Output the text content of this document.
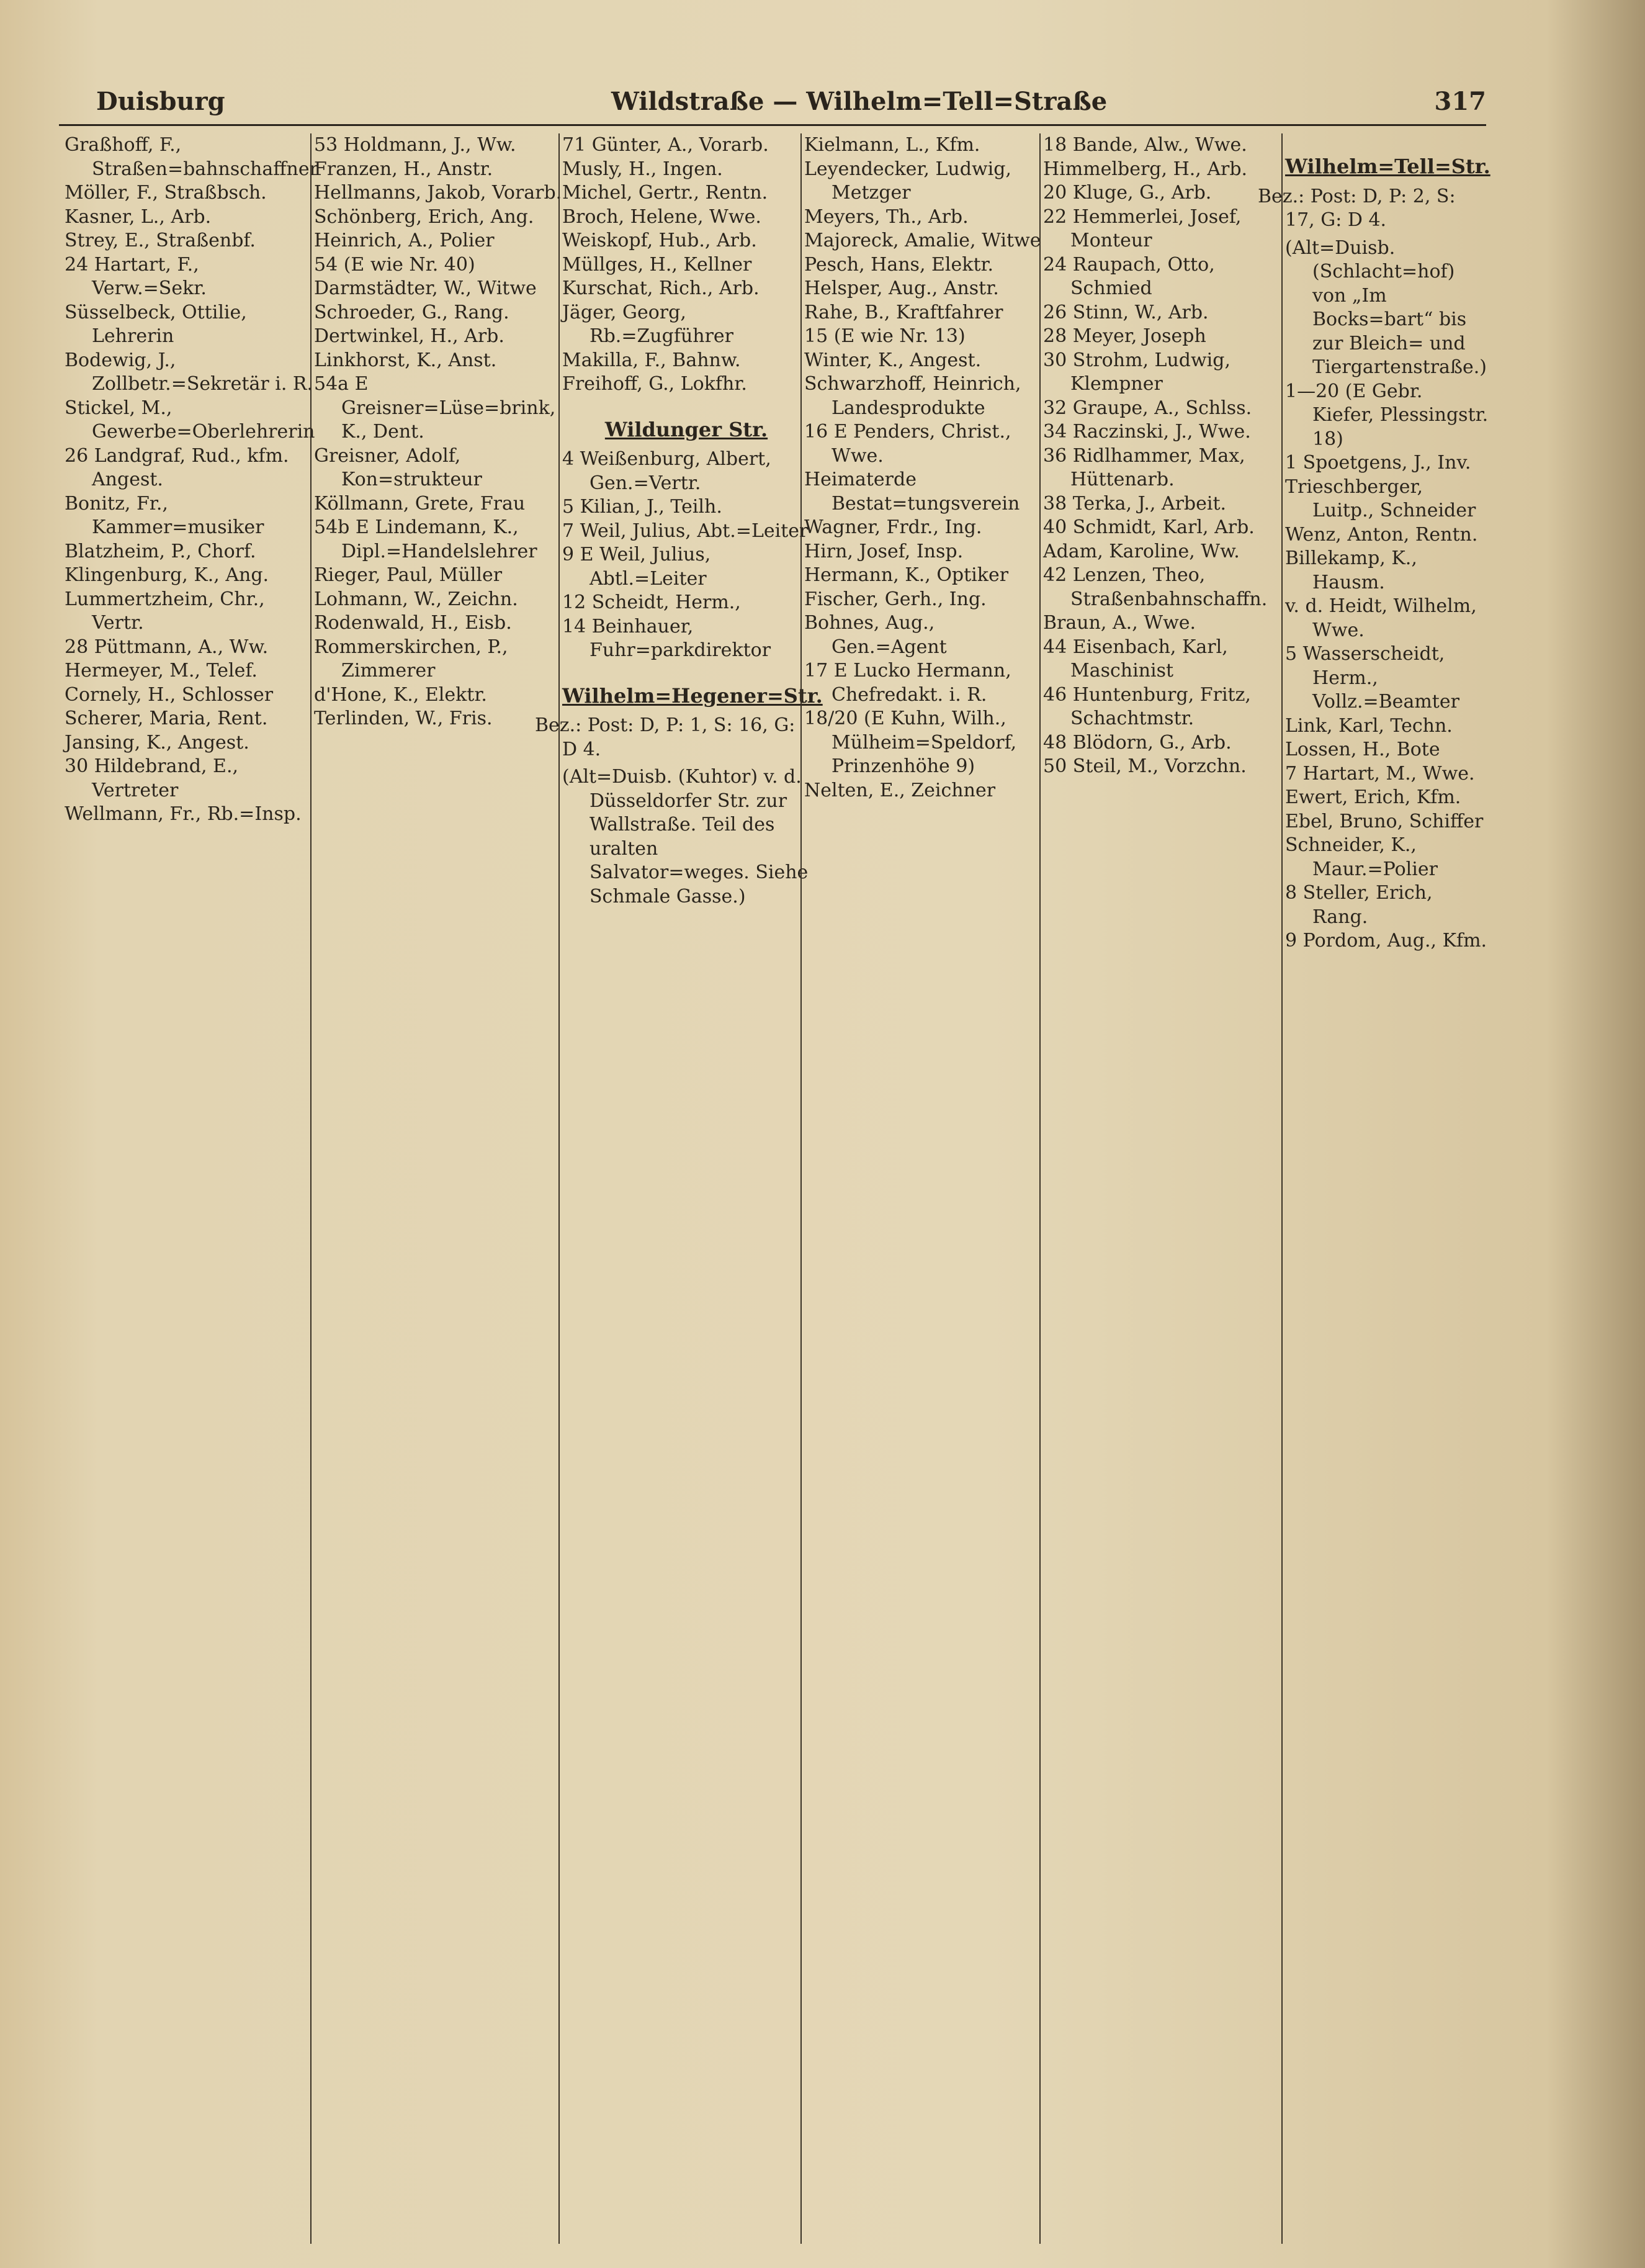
Duisburg	Wildstraße — Wilhelm=Tell=Straße	317
Graßhoff, F., Straßen=bahnschaffner
Möller, F., Straßbsch.
Kasner, L., Arb.
Strey, E., Straßenbf.
24 Hartart, F., Verw.=Sekr.
Süsselbeck, Ottilie, Lehrerin
Bodewig, J., Zollbetr.=Sekretär i. R.
Stickel, M., Gewerbe=Oberlehrerin
26 Landgraf, Rud., kfm. Angest.
Bonitz, Fr., Kammer=musiker
Blatzheim, P., Chorf.
Klingenburg, K., Ang.
Lummertzheim, Chr., Vertr.
28 Püttmann, A., Ww.
Hermeyer, M., Telef.
Cornely, H., Schlosser
Scherer, Maria, Rent.
Jansing, K., Angest.
30 Hildebrand, E., Vertreter
Wellmann, Fr., Rb.=Insp.
53 Holdmann, J., Ww.
Franzen, H., Anstr.
Hellmanns, Jakob, Vorarb.
Schönberg, Erich, Ang.
Heinrich, A., Polier
54 (E wie Nr. 40)
Darmstädter, W., Witwe
Schroeder, G., Rang.
Dertwinkel, H., Arb.
Linkhorst, K., Anst.
54a E Greisner=Lüse=brink, K., Dent.
Greisner, Adolf, Kon=strukteur
Köllmann, Grete, Frau
54b E Lindemann, K., Dipl.=Handelslehrer
Rieger, Paul, Müller
Lohmann, W., Zeichn.
Rodenwald, H., Eisb.
Rommerskirchen, P., Zimmerer
d'Hone, K., Elektr.
Terlinden, W., Fris.
71 Günter, A., Vorarb.
Musly, H., Ingen.
Michel, Gertr., Rentn.
Broch, Helene, Wwe.
Weiskopf, Hub., Arb.
Müllges, H., Kellner
Kurschat, Rich., Arb.
Jäger, Georg, Rb.=Zugführer
Makilla, F., Bahnw.
Freihoff, G., Lokfhr.
Wildunger Str.
4 Weißenburg, Albert, Gen.=Vertr.
5 Kilian, J., Teilh.
7 Weil, Julius, Abt.=Leiter
9 E Weil, Julius, Abtl.=Leiter
12 Scheidt, Herm.,
14 Beinhauer, Fuhr=parkdirektor
Wilhelm=Hegener=Str.
Bez.: Post: D, P: 1, S: 16, G: D 4.
(Alt=Duisb. (Kuhtor) v. d. Düsseldorfer Str. zur Wallstraße. Teil des uralten Salvator=weges. Siehe Schmale Gasse.)
Kielmann, L., Kfm.
Leyendecker, Ludwig, Metzger
Meyers, Th., Arb.
Majoreck, Amalie, Witwe
Pesch, Hans, Elektr.
Helsper, Aug., Anstr.
Rahe, B., Kraftfahrer
15 (E wie Nr. 13)
Winter, K., Angest.
Schwarzhoff, Heinrich, Landesprodukte
16 E Penders, Christ., Wwe.
Heimaterde Bestat=tungsverein
Wagner, Frdr., Ing.
Hirn, Josef, Insp.
Hermann, K., Optiker
Fischer, Gerh., Ing.
Bohnes, Aug., Gen.=Agent
17 E Lucko Hermann, Chefredakt. i. R.
18/20 (E Kuhn, Wilh., Mülheim=Speldorf, Prinzenhöhe 9)
Nelten, E., Zeichner
18 Bande, Alw., Wwe.
Himmelberg, H., Arb.
20 Kluge, G., Arb.
22 Hemmerlei, Josef, Monteur
24 Raupach, Otto, Schmied
26 Stinn, W., Arb.
28 Meyer, Joseph
30 Strohm, Ludwig, Klempner
32 Graupe, A., Schlss.
34 Raczinski, J., Wwe.
36 Ridlhammer, Max, Hüttenarb.
38 Terka, J., Arbeit.
40 Schmidt, Karl, Arb.
Adam, Karoline, Ww.
42 Lenzen, Theo, Straßenbahnschaffn.
Braun, A., Wwe.
44 Eisenbach, Karl, Maschinist
46 Huntenburg, Fritz, Schachtmstr.
48 Blödorn, G., Arb.
50 Steil, M., Vorzchn.
Wilhelm=Tell=Str.
Bez.: Post: D, P: 2, S: 17, G: D 4.
(Alt=Duisb. (Schlacht=hof) von „Im Bocks=bart“ bis zur Bleich= und Tiergartenstraße.)
1—20 (E Gebr. Kiefer, Plessingstr. 18)
1 Spoetgens, J., Inv.
Trieschberger, Luitp., Schneider
Wenz, Anton, Rentn.
Billekamp, K., Hausm.
v. d. Heidt, Wilhelm, Wwe.
5 Wasserscheidt, Herm., Vollz.=Beamter
Link, Karl, Techn.
Lossen, H., Bote
7 Hartart, M., Wwe.
Ewert, Erich, Kfm.
Ebel, Bruno, Schiffer
Schneider, K., Maur.=Polier
8 Steller, Erich, Rang.
9 Pordom, Aug., Kfm.
